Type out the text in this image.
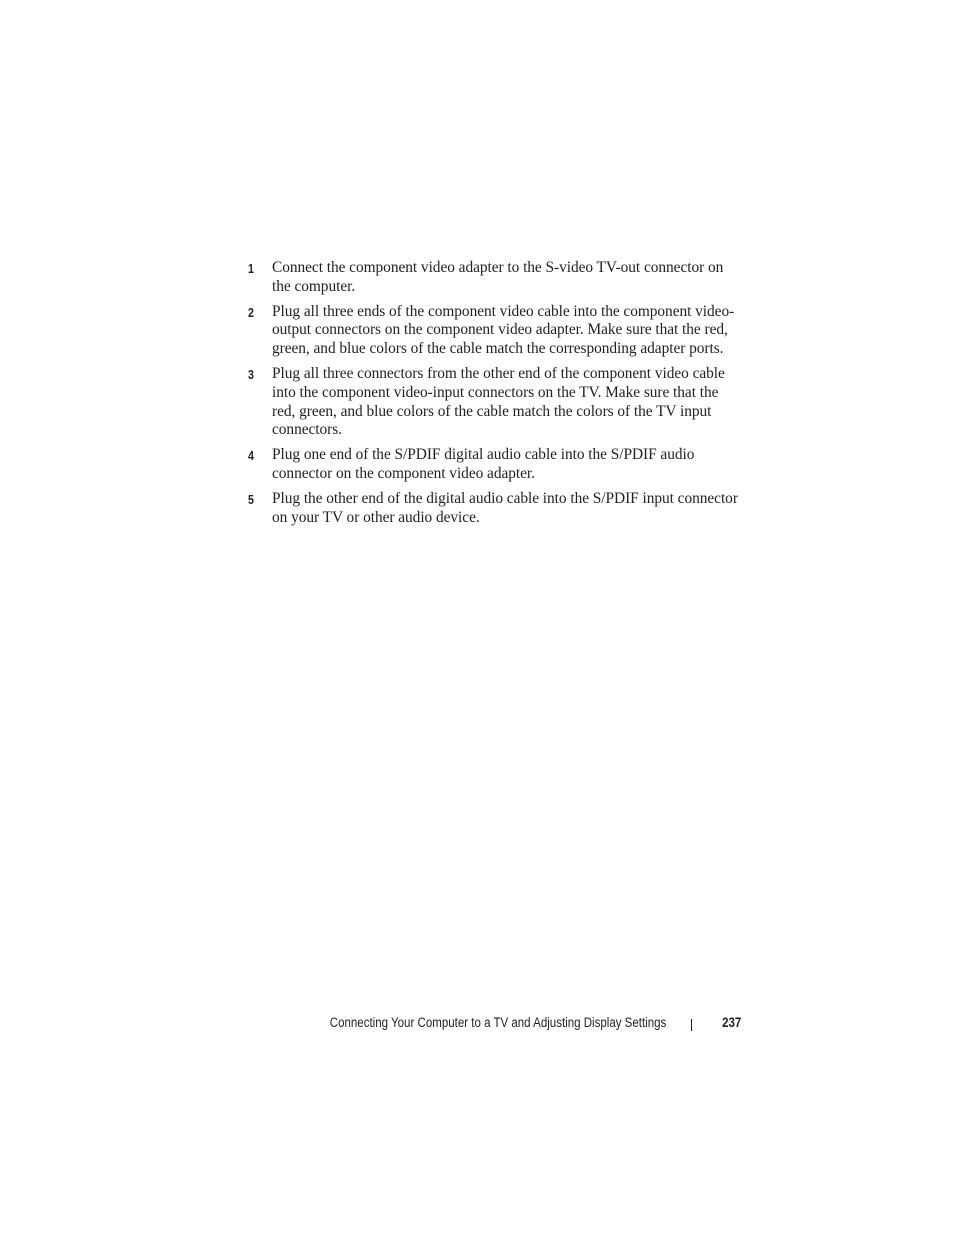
1 Connect the component video adapter to the S-video TV-out connector on the computer.
2 Plug all three ends of the component video cable into the component video-output connectors on the component video adapter. Make sure that the red, green, and blue colors of the cable match the corresponding adapter ports.
3 Plug all three connectors from the other end of the component video cable into the component video-input connectors on the TV. Make sure that the red, green, and blue colors of the cable match the colors of the TV input connectors.
4 Plug one end of the S/PDIF digital audio cable into the S/PDIF audio connector on the component video adapter.
5 Plug the other end of the digital audio cable into the S/PDIF input connector on your TV or other audio device.
Connecting Your Computer to a TV and Adjusting Display Settings	237
